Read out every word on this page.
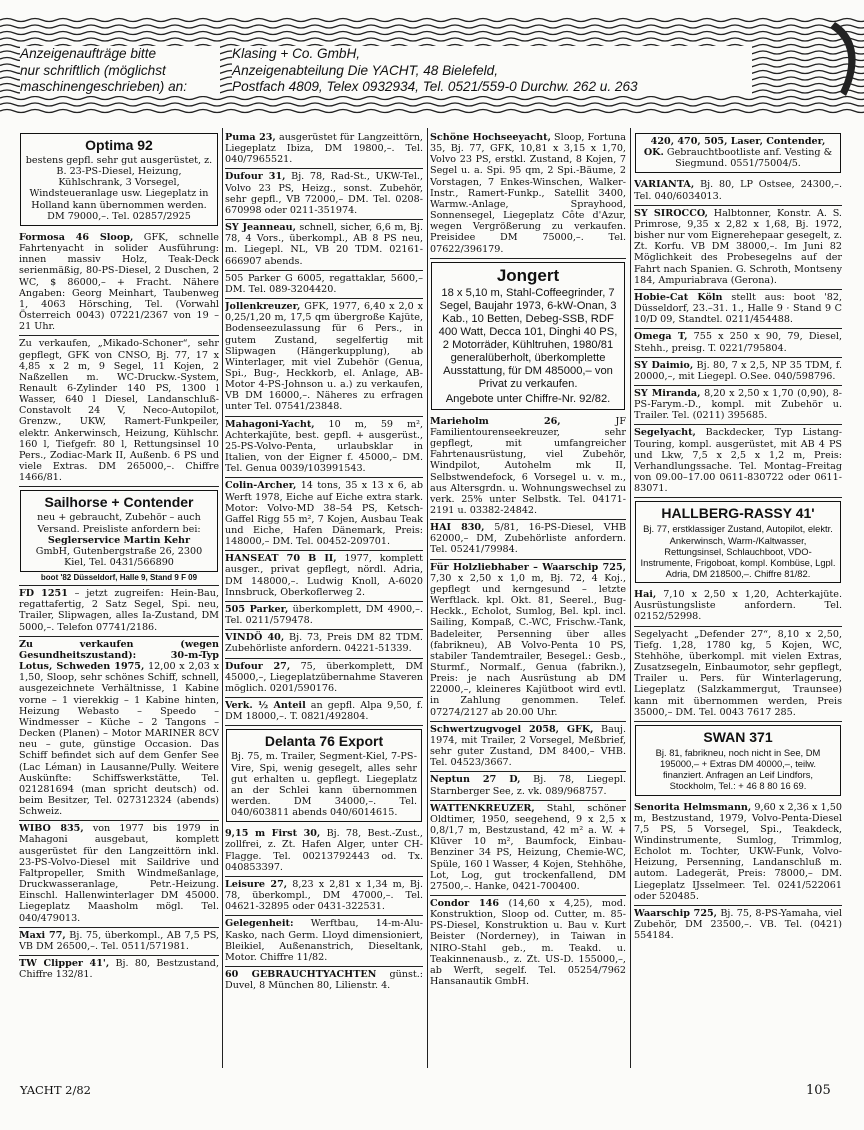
Anzeigenaufträge bitte
nur schriftlich (möglichst
maschinengeschrieben) an:
Klasing + Co. GmbH,
Anzeigenabteilung Die YACHT, 48 Bielefeld,
Postfach 4809, Telex 0932934, Tel. 0521/559-0 Durchw. 262 u. 263
Optima 92
bestens gepfl. sehr gut ausgerüstet, z. B. 23-PS-Diesel, Heizung, Kühlschrank, 3 Vorsegel, Windsteueranlage usw. Liegeplatz in Holland kann übernommen werden. DM 79000,–. Tel. 02857/2925
Formosa 46 Sloop, GFK, schnelle Fahrtenyacht in solider Ausführung: innen massiv Holz, Teak-Deck serienmäßig, 80-PS-Diesel, 2 Duschen, 2 WC, $ 86000,– + Fracht. Nähere Angaben: Georg Meinhart, Taubenweg 1, 4063 Hörsching, Tel. (Vorwahl Österreich 0043) 07221/2367 von 19 – 21 Uhr.
Zu verkaufen, „Mikado-Schoner“, sehr gepflegt, GFK von CNSO, Bj. 77, 17 x 4,85 x 2 m, 9 Segel, 11 Kojen, 2 Naßzellen m. WC-Druckw.-System, Renault 6-Zylinder 140 PS, 1300 l Wasser, 640 l Diesel, Landanschluß-Constavolt 24 V, Neco-Autopilot, Grenzw., UKW, Ramert-Funkpeiler, elektr. Ankerwinsch, Heizung, Kühlschr. 160 l, Tiefgefr. 80 l, Rettungsinsel 10 Pers., Zodiac-Mark II, Außenb. 6 PS und viele Extras. DM 265000,–. Chiffre 1466/81.
Sailhorse + Contender
neu + gebraucht, Zubehör – auch Versand. Preisliste anfordern bei:
Seglerservice Martin Kehr
GmbH, Gutenbergstraße 26, 2300 Kiel, Tel. 0431/566890
boot '82 Düsseldorf, Halle 9, Stand 9 F 09
FD 1251 – jetzt zugreifen: Hein-Bau, regattafertig, 2 Satz Segel, Spi. neu, Trailer, Slipwagen, alles Ia-Zustand, DM 5000,–. Telefon 07741/2186.
Zu verkaufen (wegen Gesundheitszustand): 30-m-Typ Lotus, Schweden 1975, 12,00 x 2,03 x 1,50, Sloop, sehr schönes Schiff, schnell, ausgezeichnete Verhältnisse, 1 Kabine vorne – 1 vierekkig – 1 Kabine hinten, Heizung Webasto – Speedo – Windmesser – Küche – 2 Tangons – Decken (Planen) – Motor MARINER 8CV neu – gute, günstige Occasion. Das Schiff befindet sich auf dem Genfer See (Lac Léman) in Lausanne/Pully. Weitere Auskünfte: Schiffswerkstätte, Tel. 021281694 (man spricht deutsch) od. beim Besitzer, Tel. 027312324 (abends) Schweiz.
WIBO 835, von 1977 bis 1979 in Mahagoni ausgebaut, komplett ausgerüstet für den Langzeittörn inkl. 23-PS-Volvo-Diesel mit Saildrive und Faltpropeller, Smith Windmeßanlage, Druckwasseranlage, Petr.-Heizung. Einschl. Hallenwinterlager DM 45000. Liegeplatz Maasholm mögl. Tel. 040/479013.
Maxi 77, Bj. 75, überkompl., AB 7,5 PS, VB DM 26500,–. Tel. 0511/571981.
TW Clipper 41', Bj. 80, Bestzustand, Chiffre 132/81.
Puma 23, ausgerüstet für Langzeittörn, Liegeplatz Ibiza, DM 19800,–. Tel. 040/7965521.
Dufour 31, Bj. 78, Rad-St., UKW-Tel., Volvo 23 PS, Heizg., sonst. Zubehör, sehr gepfl., VB 72000,– DM. Tel. 0208-670998 oder 0211-351974.
SY Jeanneau, schnell, sicher, 6,6 m, Bj. 78, 4 Vors., überkompl., AB 8 PS neu, m. Liegepl. NL, VB 20 TDM. 02161-666907 abends.
505 Parker G 6005, regattaklar, 5600,– DM. Tel. 089-3204420.
Jollenkreuzer, GFK, 1977, 6,40 x 2,0 x 0,25/1,20 m, 17,5 qm übergroße Kajüte, Bodenseezulassung für 6 Pers., in gutem Zustand, segelfertig mit Slipwagen (Hängerkupplung), ab Winterlager, mit viel Zubehör (Genua, Spi., Bug-, Heckkorb, el. Anlage, AB-Motor 4-PS-Johnson u. a.) zu verkaufen, VB DM 16000,–. Näheres zu erfragen unter Tel. 07541/23848.
Mahagoni-Yacht, 10 m, 59 m², Achterkajüte, best. gepfl. + ausgerüst., 25-PS-Volvo-Penta, urlaubsklar in Italien, von der Eigner f. 45000,– DM. Tel. Genua 0039/103991543.
Colin-Archer, 14 tons, 35 x 13 x 6, ab Werft 1978, Eiche auf Eiche extra stark. Motor: Volvo-MD 38–54 PS, Ketsch-Gaffel Rigg 55 m², 7 Kojen, Ausbau Teak und Eiche, Hafen Dänemark, Preis: 148000,– DM. Tel. 00452-209701.
HANSEAT 70 B II, 1977, komplett ausger., privat gepflegt, nördl. Adria, DM 148000,–. Ludwig Knoll, A-6020 Innsbruck, Oberkoflerweg 2.
505 Parker, überkomplett, DM 4900,–. Tel. 0211/579478.
VINDÖ 40, Bj. 73, Preis DM 82 TDM. Zubehörliste anfordern. 04221-51339.
Dufour 27, 75, überkomplett, DM 45000,–, Liegeplatzübernahme Staveren möglich. 0201/590176.
Verk. ½ Anteil an gepfl. Alpa 9,50, f. DM 18000,–. T. 0821/492804.
Delanta 76 Export
Bj. 75, m. Trailer, Segment-Kiel, 7-PS-Vire, Spi, wenig gesegelt, alles sehr gut erhalten u. gepflegt. Liegeplatz an der Schlei kann übernommen werden. DM 34000,–. Tel. 040/603811 abends 040/6014615.
9,15 m First 30, Bj. 78, Best.-Zust., zollfrei, z. Zt. Hafen Alger, unter CH-Flagge. Tel. 00213792443 od. Tx. 040853397.
Leisure 27, 8,23 x 2,81 x 1,34 m, Bj. 78, überkompl., DM 47000,–. Tel. 04621-32895 oder 0431-322531.
Gelegenheit: Werftbau, 14-m-Alu-Kasko, nach Germ. Lloyd dimensioniert, Bleikiel, Außenanstrich, Dieseltank, Motor. Chiffre 11/82.
60 GEBRAUCHTYACHTEN günst.: Duvel, 8 München 80, Lilienstr. 4.
Schöne Hochseeyacht, Sloop, Fortuna 35, Bj. 77, GFK, 10,81 x 3,15 x 1,70, Volvo 23 PS, erstkl. Zustand, 8 Kojen, 7 Segel u. a. Spi. 95 qm, 2 Spi.-Bäume, 2 Vorstagen, 7 Enkes-Winschen, Walker-Instr., Ramert-Funkp., Satellit 3400, Warmw.-Anlage, Sprayhood, Sonnensegel, Liegeplatz Côte d'Azur, wegen Vergrößerung zu verkaufen. Preisidee DM 75000,–. Tel. 07622/396179.
Jongert
18 x 5,10 m, Stahl-Coffeegrinder, 7 Segel, Baujahr 1973, 6-kW-Onan, 3 Kab., 10 Betten, Debeg-SSB, RDF 400 Watt, Decca 101, Dinghi 40 PS, 2 Motorräder, Kühltruhen, 1980/81 generalüberholt, überkomplette Ausstattung, für DM 485000,– von Privat zu verkaufen.
Angebote unter Chiffre-Nr. 92/82.
Marieholm 26, JF Familientourenseekreuzer, sehr gepflegt, mit umfangreicher Fahrtenausrüstung, viel Zubehör, Windpilot, Autohelm mk II, Selbstwendefock, 6 Vorsegel u. v. m., aus Altersgrdn. u. Wohnungswechsel zu verk. 25% unter Selbstk. Tel. 04171-2191 u. 03382-24842.
HAI 830, 5/81, 16-PS-Diesel, VHB 62000,– DM, Zubehörliste anfordern. Tel. 05241/79984.
Für Holzliebhaber – Waarschip 725, 7,30 x 2,50 x 1,0 m, Bj. 72, 4 Koj., gepflegt und kerngesund – letzte Werftlack. kpl. Okt. 81, Seerel., Bug-Heckk., Echolot, Sumlog, Bel. kpl. incl. Sailing, Kompaß, C.-WC, Frischw.-Tank, Badeleiter, Persenning über alles (fabrikneu), AB Volvo-Penta 10 PS, stabiler Tandemtrailer, Besegel.: Gesb., Sturmf., Normalf., Genua (fabrikn.), Preis: je nach Ausrüstung ab DM 22000,–, kleineres Kajütboot wird evtl. in Zahlung genommen. Telef. 07274/2127 ab 20.00 Uhr.
Schwertzugvogel 2058, GFK, Bauj. 1974, mit Trailer, 2 Vorsegel, Meßbrief, sehr guter Zustand, DM 8400,– VHB. Tel. 04523/3667.
Neptun 27 D, Bj. 78, Liegepl. Starnberger See, z. vk. 089/968757.
WATTENKREUZER, Stahl, schöner Oldtimer, 1950, seegehend, 9 x 2,5 x 0,8/1,7 m, Bestzustand, 42 m² a. W. + Klüver 10 m², Baumfock, Einbau-Benziner 34 PS, Heizung, Chemie-WC, Spüle, 160 l Wasser, 4 Kojen, Stehhöhe, Lot, Log, gut trockenfallend, DM 27500,–. Hanke, 0421-700400.
Condor 146 (14,60 x 4,25), mod. Konstruktion, Sloop od. Cutter, m. 85-PS-Diesel, Konstruktion u. Bau v. Kurt Beister (Norderney), in Taiwan in NIRO-Stahl geb., m. Teakd. u. Teakinnenausb., z. Zt. US-D. 155000,–, ab Werft, segelf. Tel. 05254/7962 Hansanautik GmbH.
420, 470, 505, Laser, Contender, OK. Gebrauchtbootliste anf. Vesting & Siegmund. 0551/75004/5.
VARIANTA, Bj. 80, LP Ostsee, 24300,–. Tel. 040/6034013.
SY SIROCCO, Halbtonner, Konstr. A. S. Primrose, 9,35 x 2,82 x 1,68, Bj. 1972, bisher nur vom Eignerehepaar gesegelt, z. Zt. Korfu. VB DM 38000,–. Im Juni 82 Möglichkeit des Probesegelns auf der Fahrt nach Spanien. G. Schroth, Montseny 184, Ampuriabrava (Gerona).
Hobie-Cat Köln stellt aus: boot '82, Düsseldorf, 23.–31. 1., Halle 9 · Stand 9 C 10/D 09, Standtel. 0211/454488.
Omega T, 755 x 250 x 90, 79, Diesel, Stehh., preisg. T. 0221/795804.
SY Daimio, Bj. 80, 7 x 2,5, NP 35 TDM, f. 20000,–, mit Liegepl. O.See. 040/598796.
SY Miranda, 8,20 x 2,50 x 1,70 (0,90), 8-PS-Farym.-D., kompl. mit Zubehör u. Trailer. Tel. (0211) 395685.
Segelyacht, Backdecker, Typ Listang-Touring, kompl. ausgerüstet, mit AB 4 PS und Lkw, 7,5 x 2,5 x 1,2 m, Preis: Verhandlungssache. Tel. Montag–Freitag von 09.00–17.00 0611-830722 oder 0611-83071.
HALLBERG-RASSY 41'
Bj. 77, erstklassiger Zustand, Autopilot, elektr. Ankerwinsch, Warm-/Kaltwasser, Rettungsinsel, Schlauchboot, VDO-Instrumente, Frigoboat, kompl. Kombüse, Lgpl. Adria, DM 218500,–. Chiffre 81/82.
Hai, 7,10 x 2,50 x 1,20, Achterkajüte. Ausrüstungsliste anfordern. Tel. 02152/52998.
Segelyacht „Defender 27“, 8,10 x 2,50, Tiefg. 1,28, 1780 kg, 5 Kojen, WC, Stehhöhe, überkompl. mit vielen Extras, Zusatzsegeln, Einbaumotor, sehr gepflegt, Trailer u. Pers. für Winterlagerung, Liegeplatz (Salzkammergut, Traunsee) kann mit übernommen werden, Preis 35000,– DM. Tel. 0043 7617 285.
SWAN 371
Bj. 81, fabrikneu, noch nicht in See, DM 195000,– + Extras DM 40000,–, teilw. finanziert. Anfragen an Leif Lindfors, Stockholm, Tel.: + 46 8 80 16 69.
Senorita Helmsmann, 9,60 x 2,36 x 1,50 m, Bestzustand, 1979, Volvo-Penta-Diesel 7,5 PS, 5 Vorsegel, Spi., Teakdeck, Windinstrumente, Sumlog, Trimmlog, Echolot m. Tochter, UKW-Funk, Volvo-Heizung, Persenning, Landanschluß m. autom. Ladegerät, Preis: 78000,– DM. Liegeplatz IJsselmeer. Tel. 0241/522061 oder 520485.
Waarschip 725, Bj. 75, 8-PS-Yamaha, viel Zubehör, DM 23500,–. VB. Tel. (0421) 554184.
YACHT 2/82	105
